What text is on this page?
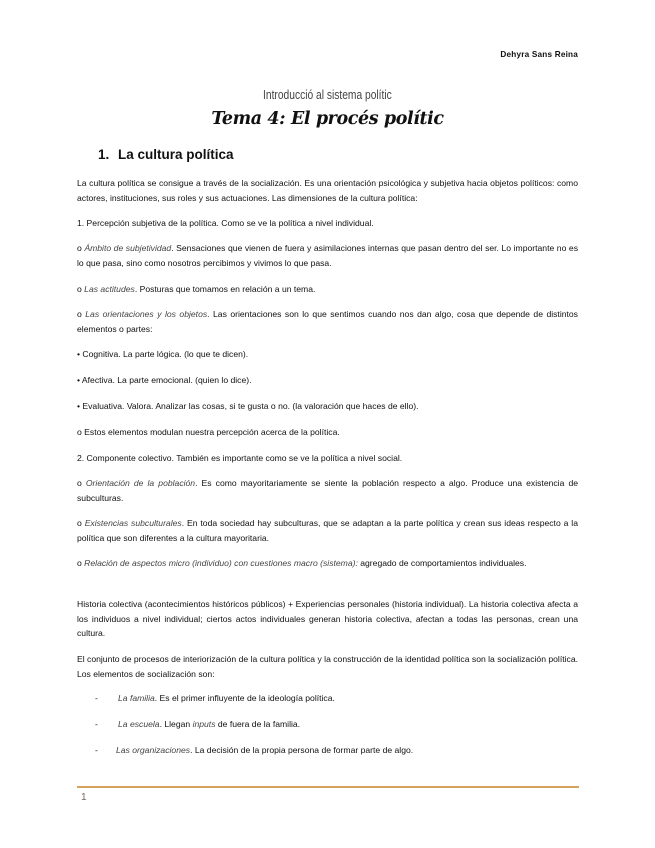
Dehyra Sans Reina
Introducció al sistema polític
Tema 4: El procés polític
1. La cultura política
La cultura política se consigue a través de la socialización. Es una orientación psicológica y subjetiva hacia objetos políticos: como actores, instituciones, sus roles y sus actuaciones. Las dimensiones de la cultura política:
1. Percepción subjetiva de la política. Como se ve la política a nivel individual.
o Ámbito de subjetividad. Sensaciones que vienen de fuera y asimilaciones internas que pasan dentro del ser. Lo importante no es lo que pasa, sino como nosotros percibimos y vivimos lo que pasa.
o Las actitudes. Posturas que tomamos en relación a un tema.
o Las orientaciones y los objetos. Las orientaciones son lo que sentimos cuando nos dan algo, cosa que depende de distintos elementos o partes:
• Cognitiva. La parte lógica. (lo que te dicen).
• Afectiva. La parte emocional. (quien lo dice).
• Evaluativa. Valora. Analizar las cosas, si te gusta o no. (la valoración que haces de ello).
o Estos elementos modulan nuestra percepción acerca de la política.
2. Componente colectivo. También es importante como se ve la política a nivel social.
o Orientación de la población. Es como mayoritariamente se siente la población respecto a algo. Produce una existencia de subculturas.
o Existencias subculturales. En toda sociedad hay subculturas, que se adaptan a la parte política y crean sus ideas respecto a la política que son diferentes a la cultura mayoritaria.
o Relación de aspectos micro (individuo) con cuestiones macro (sistema): agregado de comportamientos individuales.
Historia colectiva (acontecimientos históricos públicos) + Experiencias personales (historia individual). La historia colectiva afecta a los individuos a nivel individual; ciertos actos individuales generan historia colectiva, afectan a todas las personas, crean una cultura.
El conjunto de procesos de interiorización de la cultura política y la construcción de la identidad política son la socialización política. Los elementos de socialización son:
- La familia. Es el primer influyente de la ideología política.
- La escuela. Llegan inputs de fuera de la familia.
- Las organizaciones. La decisión de la propia persona de formar parte de algo.
1
